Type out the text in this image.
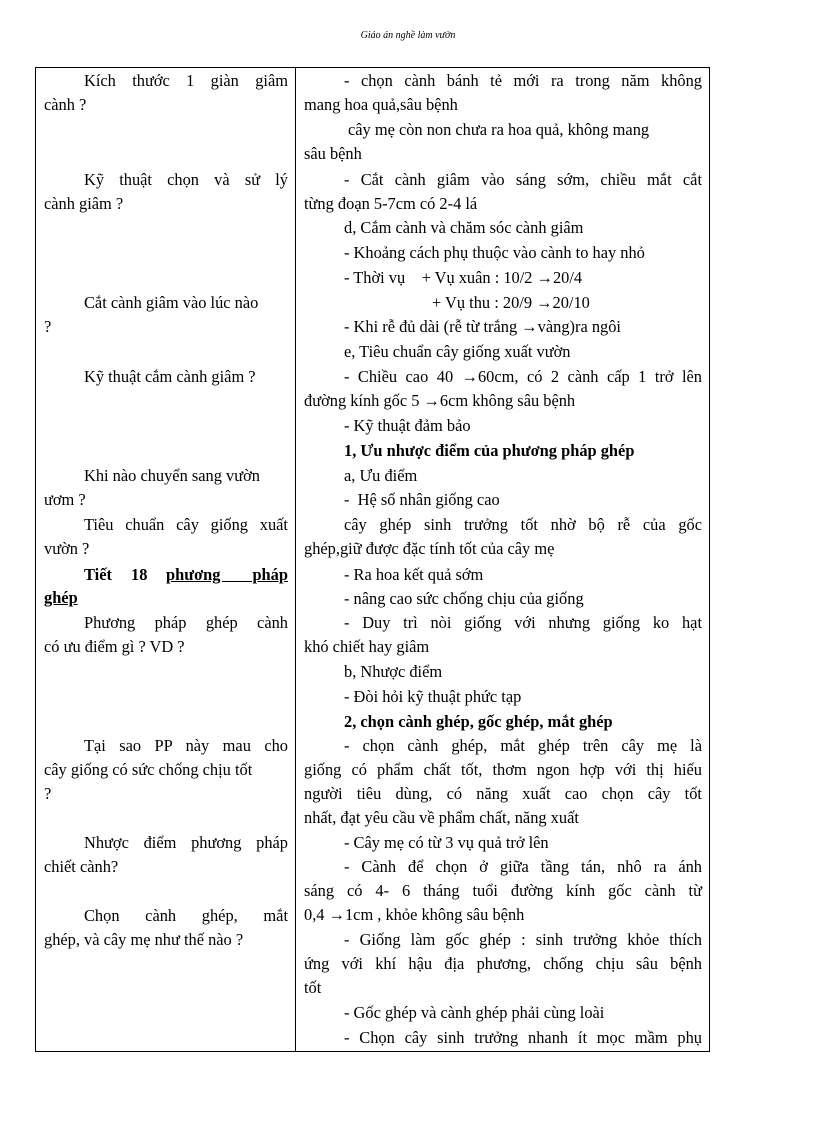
Giáo án nghề làm vườn
Kích thước 1 giàn giâm
cành ?
Kỹ thuật chọn và sử lý
cành giâm ?
Cắt cành giâm vào lúc nào
?
Kỹ thuật cắm cành giâm ?
Khi nào chuyển sang vườn
ươm ?
Tiêu chuẩn cây giống xuất
vườn ?
Tiết	18	phương pháp
ghép
Phương pháp ghép cành
có ưu điểm gì ? VD ?
Tại sao PP này mau cho
cây giống có sức chống chịu tốt
?
Nhược điểm phương pháp
chiết cành?
Chọn cành ghép, mắt
ghép, và cây mẹ như thế nào ?
- chọn cành bánh tẻ mới ra trong năm không
mang hoa quả,sâu bệnh
cây mẹ còn non chưa ra hoa quả, không mang
sâu bệnh
- Cắt cành giâm vào sáng sớm, chiều mắt cắt
từng đoạn 5-7cm có 2-4 lá
d, Cắm cành và chăm sóc cành giâm
- Khoảng cách phụ thuộc vào cành to hay nhỏ
- Thời vụ    + Vụ xuân : 10/2 →20/4
+ Vụ thu : 20/9 →20/10
- Khi rễ đủ dài (rễ từ trắng →vàng)ra ngôi
e, Tiêu chuẩn cây giống xuất vườn
- Chiều cao 40 →60cm, có 2 cành cấp 1 trở lên
đường kính gốc 5 →6cm không sâu bệnh
- Kỹ thuật đảm bảo
1, Ưu nhược điểm của phương pháp ghép
a, Ưu điểm
-  Hệ số nhân giống cao
cây ghép sinh trưởng tốt nhờ bộ rễ của gốc
ghép,giữ được đặc tính tốt của cây mẹ
- Ra hoa kết quả sớm
- nâng cao sức chống chịu của giống
- Duy trì nòi giống với nhưng giống ko hạt
khó chiết hay giâm
b, Nhược điểm
- Đòi hỏi kỹ thuật phức tạp
2, chọn cành ghép, gốc ghép, mắt ghép
- chọn cành ghép, mắt ghép trên cây mẹ là
giống có phẩm chất tốt, thơm ngon hợp với thị hiếu
người tiêu dùng, có năng xuất cao chọn cây tốt
nhất, đạt yêu cầu về phẩm chất, năng xuất
- Cây mẹ có từ 3 vụ quả trở lên
- Cành để chọn ở giữa tầng tán, nhô ra ánh
sáng có 4- 6 tháng tuổi đường kính gốc cành từ
0,4 →1cm , khỏe không sâu bệnh
- Giống làm gốc ghép : sinh trưởng khỏe thích
ứng với khí hậu địa phương, chống chịu sâu bệnh
tốt
- Gốc ghép và cành ghép phải cùng loài
- Chọn cây sinh trưởng nhanh ít mọc mầm phụ
